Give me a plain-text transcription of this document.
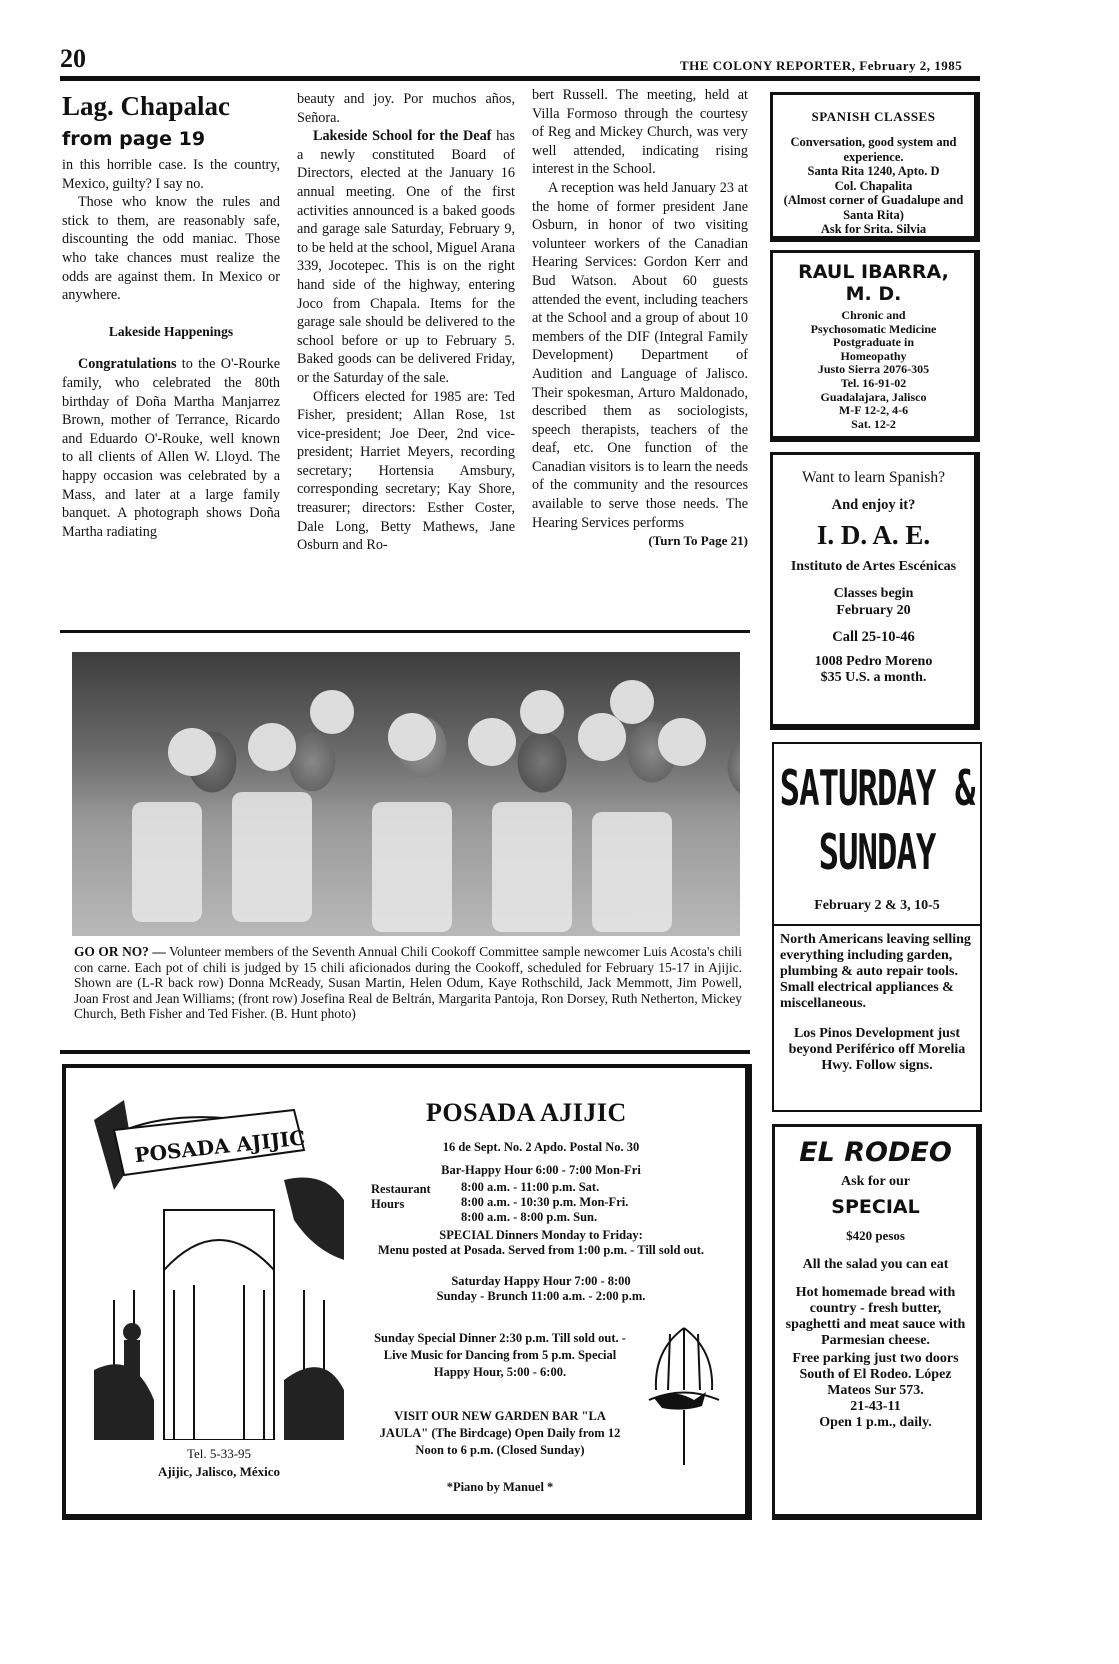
20	THE COLONY REPORTER, February 2, 1985
Lag. Chapalac
from page 19

in this horrible case. Is the country, Mexico, guilty? I say no.

Those who know the rules and stick to them, are reasonably safe, discounting the odd maniac. Those who take chances must realize the odds are against them. In Mexico or anywhere.

Lakeside Happenings

Congratulations to the O'-Rourke family, who celebrated the 80th birthday of Doña Martha Manjarrez Brown, mother of Terrance, Ricardo and Eduardo O'-Rouke, well known to all clients of Allen W. Lloyd. The happy occasion was celebrated by a Mass, and later at a large family banquet. A photograph shows Doña Martha radiating

beauty and joy. Por muchos años, Señora.

Lakeside School for the Deaf has a newly constituted Board of Directors, elected at the January 16 annual meeting. One of the first activities announced is a baked goods and garage sale Saturday, February 9, to be held at the school, Miguel Arana 339, Jocotepec. This is on the right hand side of the highway, entering Joco from Chapala. Items for the garage sale should be delivered to the school before or up to February 5. Baked goods can be delivered Friday, or the Saturday of the sale.

Officers elected for 1985 are: Ted Fisher, president; Allan Rose, 1st vice-president; Joe Deer, 2nd vice-president; Harriet Meyers, recording secretary; Hortensia Amsbury, corresponding secretary; Kay Shore, treasurer; directors: Esther Coster, Dale Long, Betty Mathews, Jane Osburn and Ro-

bert Russell. The meeting, held at Villa Formoso through the courtesy of Reg and Mickey Church, was very well attended, indicating rising interest in the School.

A reception was held January 23 at the home of former president Jane Osburn, in honor of two visiting volunteer workers of the Canadian Hearing Services: Gordon Kerr and Bud Watson. About 60 guests attended the event, including teachers at the School and a group of about 10 members of the DIF (Integral Family Development) Department of Audition and Language of Jalisco. Their spokesman, Arturo Maldonado, described them as sociologists, speech therapists, teachers of the deaf, etc. One function of the Canadian visitors is to learn the needs of the community and the resources available to serve those needs. The Hearing Services performs

(Turn To Page 21)
GO OR NO? — Volunteer members of the Seventh Annual Chili Cookoff Committee sample newcomer Luis Acosta's chili con carne. Each pot of chili is judged by 15 chili aficionados during the Cookoff, scheduled for February 15-17 in Ajijic. Shown are (L-R back row) Donna McReady, Susan Martin, Helen Odum, Kaye Rothschild, Jack Memmott, Jim Powell, Joan Frost and Jean Williams; (front row) Josefina Real de Beltrán, Margarita Pantoja, Ron Dorsey, Ruth Netherton, Mickey Church, Beth Fisher and Ted Fisher. (B. Hunt photo)
POSADA AJIJIC
Tel. 5-33-95
Ajijic, Jalisco, México
POSADA AJIJIC
16 de Sept. No. 2 Apdo. Postal No. 30
Bar-Happy Hour 6:00 - 7:00 Mon-Fri
Restaurant Hours
8:00 a.m. - 11:00 p.m. Sat.
8:00 a.m. - 10:30 p.m. Mon-Fri.
8:00 a.m. - 8:00 p.m. Sun.
SPECIAL Dinners Monday to Friday:
Menu posted at Posada. Served from 1:00 p.m. - Till sold out.
Saturday Happy Hour 7:00 - 8:00
Sunday - Brunch 11:00 a.m. - 2:00 p.m.
Sunday Special Dinner 2:30 p.m. Till sold out. - Live Music for Dancing from 5 p.m. Special Happy Hour, 5:00 - 6:00.
VISIT OUR NEW GARDEN BAR "LA JAULA" (The Birdcage) Open Daily from 12 Noon to 6 p.m. (Closed Sunday)
*Piano by Manuel *
SPANISH CLASSES
Conversation, good system and experience.
Santa Rita 1240, Apto. D
Col. Chapalita
(Almost corner of Guadalupe and Santa Rita)
Ask for Srita. Silvia
RAUL IBARRA,
M. D.
Chronic and
Psychosomatic Medicine
Postgraduate in
Homeopathy
Justo Sierra 2076-305
Tel. 16-91-02
Guadalajara, Jalisco
M-F 12-2, 4-6
Sat. 12-2
Want to learn Spanish?
And enjoy it?
I. D. A. E.
Instituto de Artes Escénicas
Classes begin February 20
Call 25-10-46
1008 Pedro Moreno
$35 U.S. a month.
SATURDAY &
SUNDAY
February 2 & 3, 10-5
North Americans leaving selling everything including garden, plumbing & auto repair tools. Small electrical appliances & miscellaneous.
Los Pinos Development just beyond Periférico off Morelia Hwy. Follow signs.
EL RODEO
Ask for our
SPECIAL
$420 pesos
All the salad you can eat
Hot homemade bread with country - fresh butter, spaghetti and meat sauce with Parmesian cheese.
Free parking just two doors South of El Rodeo. López Mateos Sur 573.
21-43-11
Open 1 p.m., daily.
